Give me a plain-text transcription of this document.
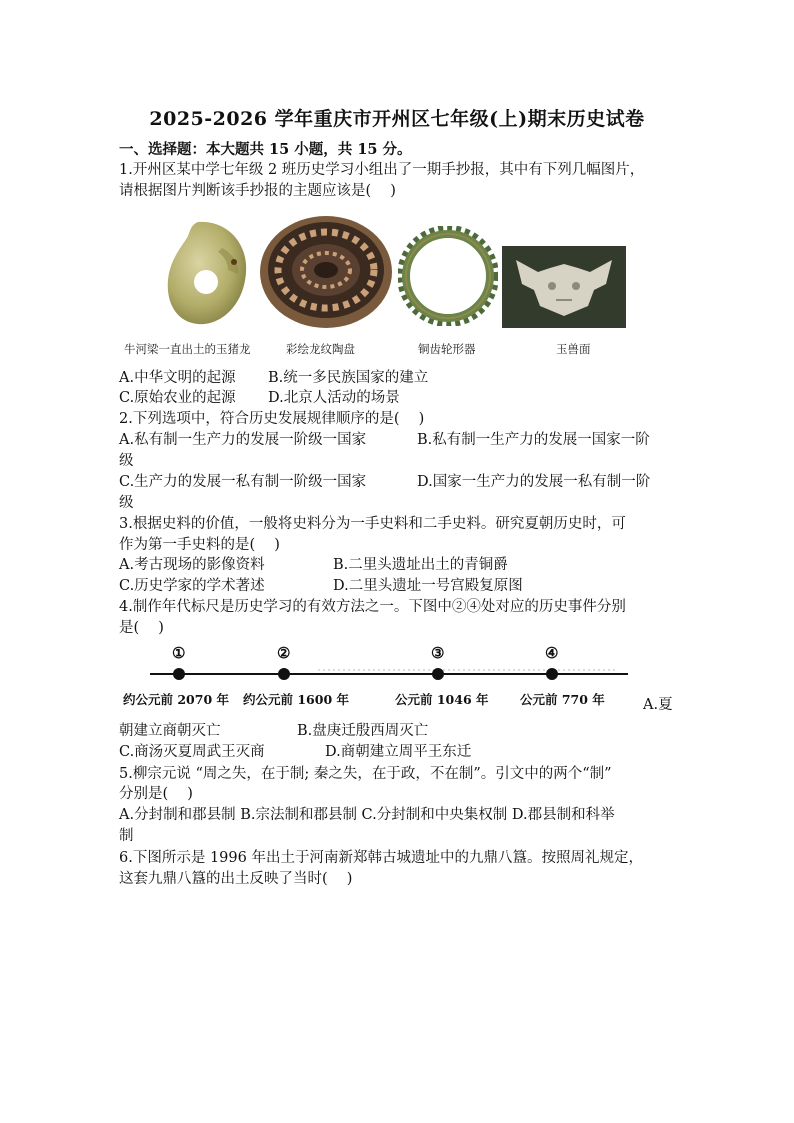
2025-2026 学年重庆市开州区七年级(上)期末历史试卷
一、选择题：本大题共 15 小题，共 15 分。
1.开州区某中学七年级 2 班历史学习小组出了一期手抄报，其中有下列几幅图片，
请根据图片判断该手抄报的主题应该是(　 )
牛河梁一直出土的玉猪龙	彩绘龙纹陶盘	铜齿轮形器	玉兽面
A.中华文明的起源 B.统一多民族国家的建立
C.原始农业的起源 D.北京人活动的场景
2.下列选项中，符合历史发展规律顺序的是(　 )
A.私有制一生产力的发展一阶级一国家	B.私有制一生产力的发展一国家一阶
级
C.生产力的发展一私有制一阶级一国家	D.国家一生产力的发展一私有制一阶
级
3.根据史料的价值，一般将史料分为一手史料和二手史料。研究夏朝历史时，可
作为第一手史料的是(　 )
A.考古现场的影像资料	B.二里头遗址出土的青铜爵
C.历史学家的学术著述	D.二里头遗址一号宫殿复原图
4.制作年代标尺是历史学习的有效方法之一。下图中②④处对应的历史事件分别
是(　 )
①	②	③	④
约公元前 2070 年 约公元前 1600 年	公元前 1046 年	公元前 770 年	A.夏
朝建立商朝灭亡	B.盘庚迁殷西周灭亡
C.商汤灭夏周武王灭商	D.商朝建立周平王东迁
5.柳宗元说 “周之失，在于制; 秦之失，在于政，不在制”。引文中的两个“制”
分别是(　 )
A.分封制和郡县制 B.宗法制和郡县制 C.分封制和中央集权制 D.郡县制和科举
制
6.下图所示是 1996 年出土于河南新郑韩古城遗址中的九鼎八簋。按照周礼规定，
这套九鼎八簋的出土反映了当时(　 )
